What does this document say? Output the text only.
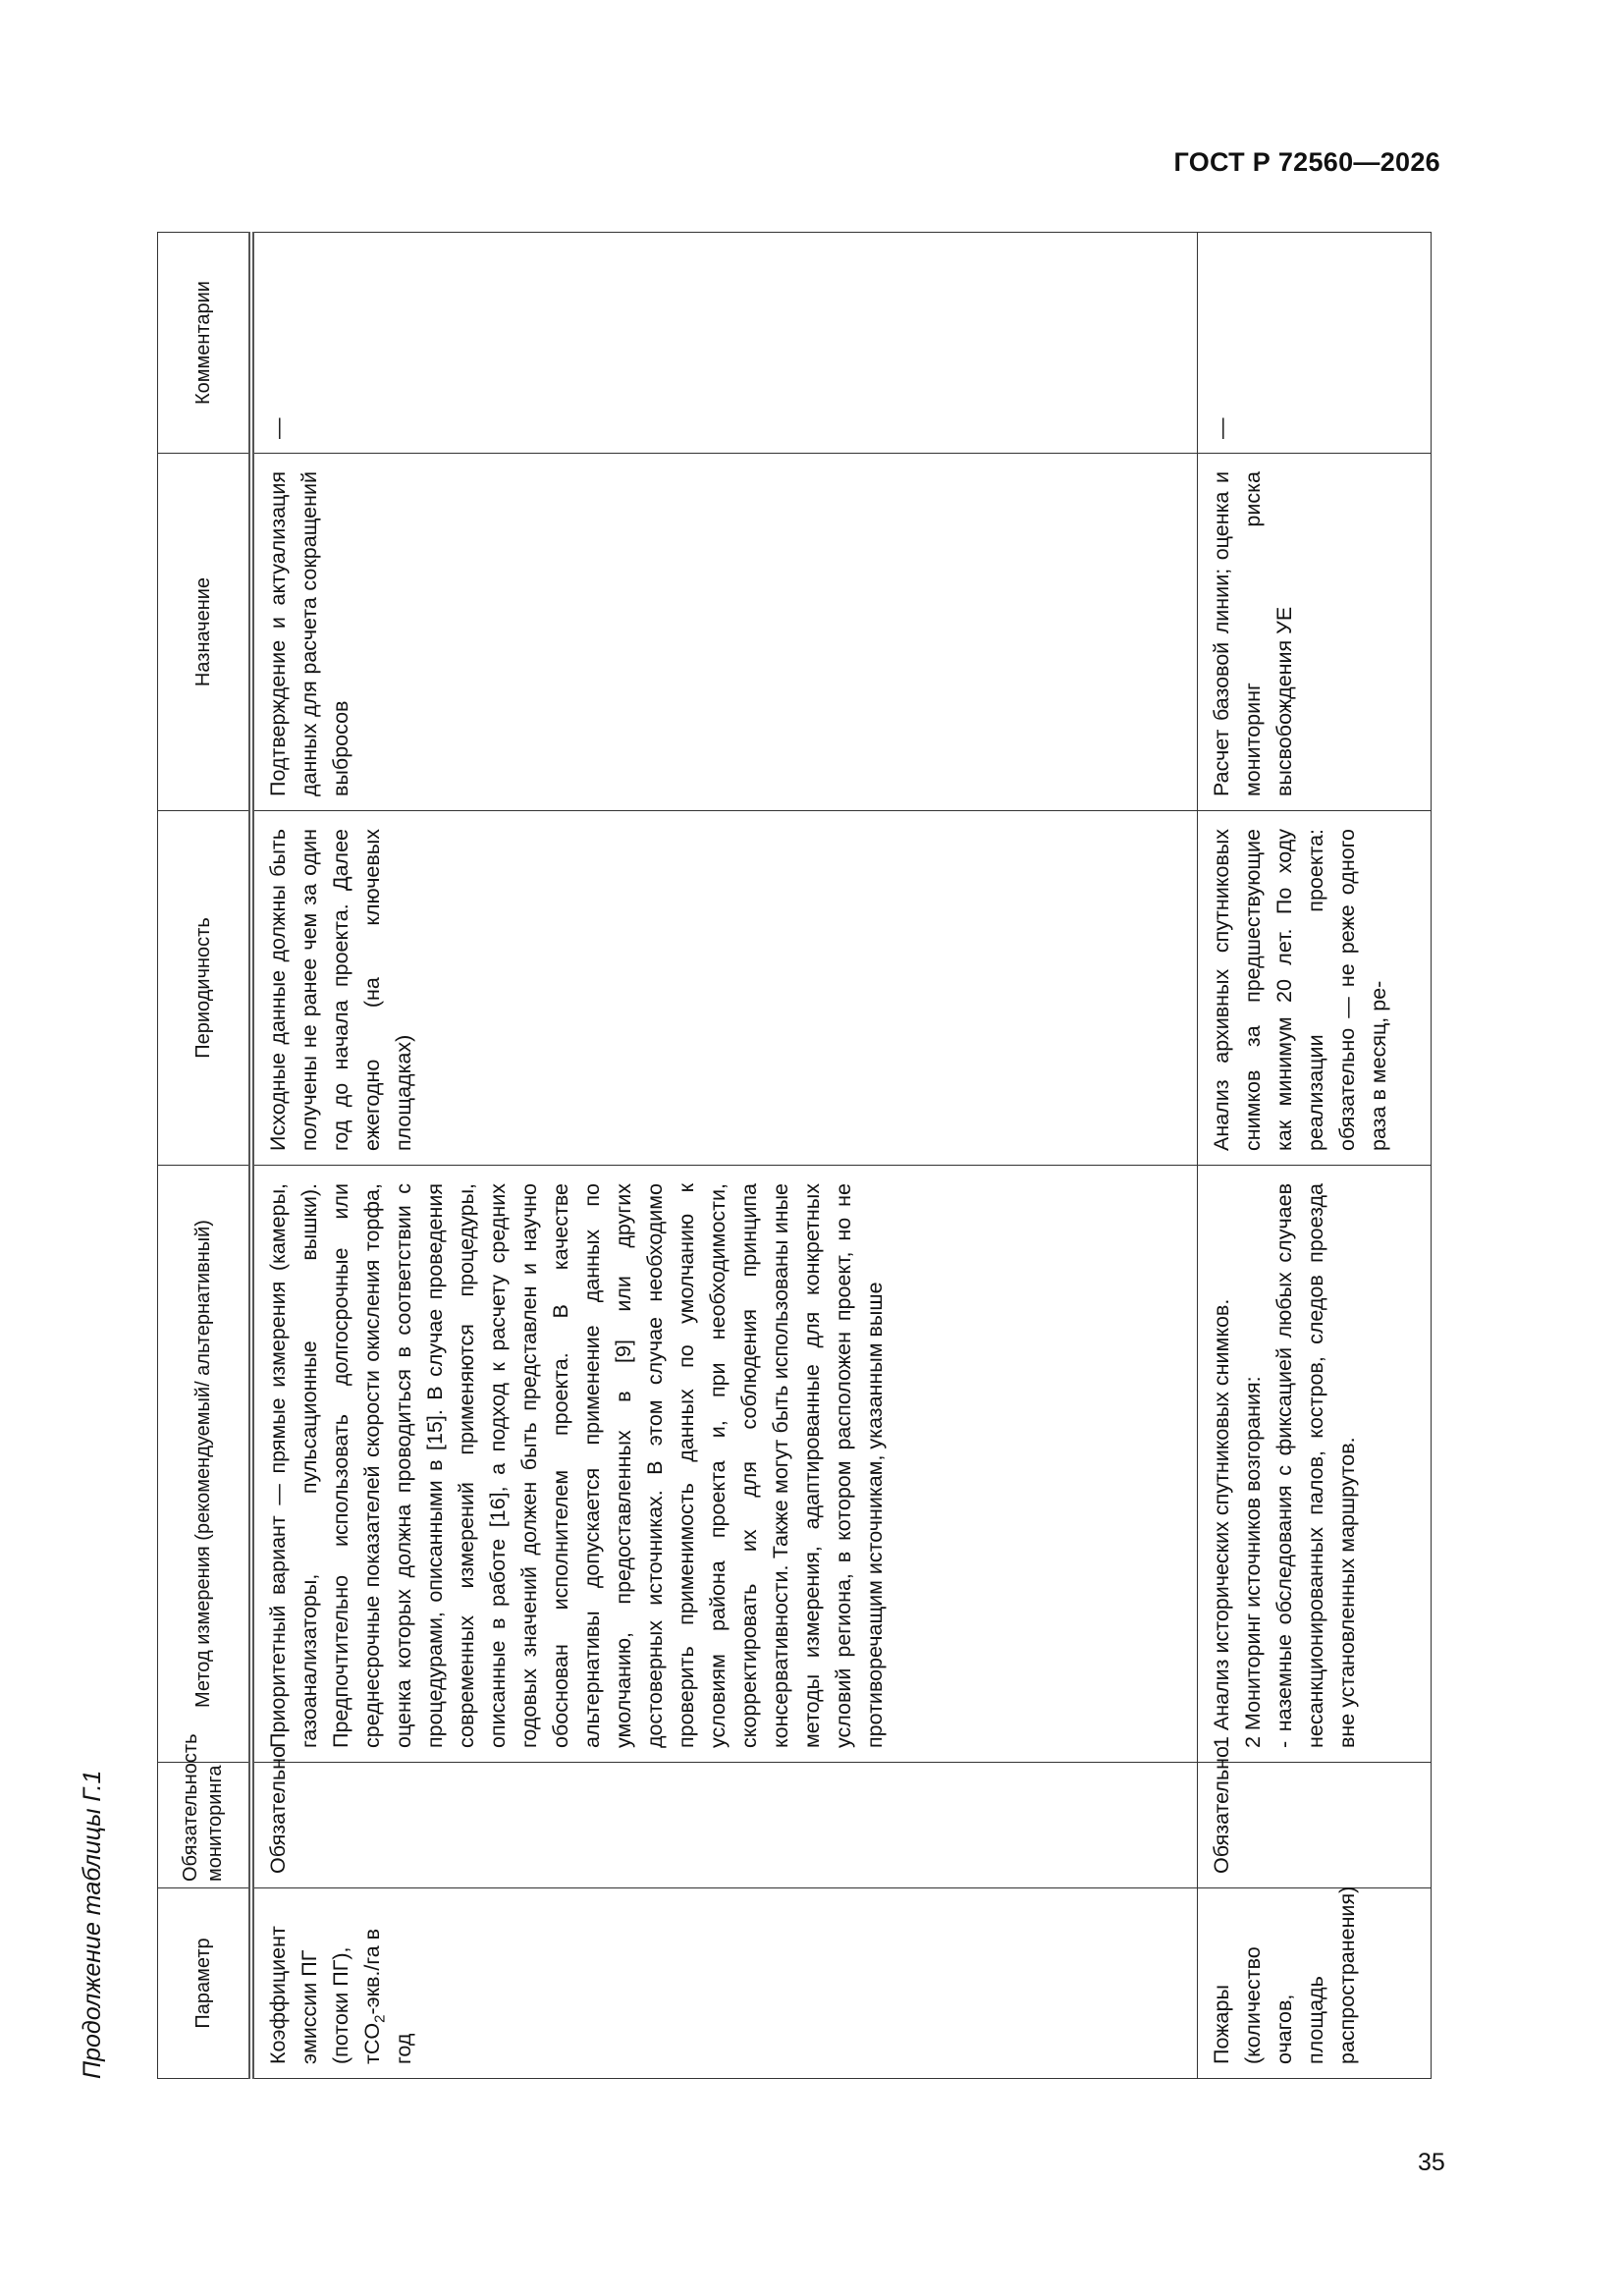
ГОСТ Р 72560—2026
Продолжение таблицы Г.1	Параметр	Обязательность мониторинга	Метод измерения (рекомендуемый/ альтернативный)	Периодичность	Назначение	Комментарии
Коэффициент эмиссии ПГ (потоки ПГ), тCO$_2$-экв./га в год	Обязательно	Приоритетный вариант — прямые измерения (камеры, газоанализаторы, пульсационные вышки). Предпочтительно использовать долгосрочные или среднесрочные показателей скорости окисления торфа, оценка которых должна проводиться в соответствии с процедурами, описанными в [15]. В случае проведения современных измерений применяются процедуры, описанные в работе [16], а подход к расчету средних годовых значений должен быть представлен и научно обоснован исполнителем проекта. В качестве альтернативы допускается применение данных по умолчанию, предоставленных в [9] или других достоверных источниках. В этом случае необходимо проверить применимость данных по умолчанию к условиям района проекта и, при необходимости, скорректировать их для соблюдения принципа консервативности. Также могут быть использованы иные методы измерения, адаптированные для конкретных условий региона, в котором расположен проект, но не противоречащим источникам, указанным выше	Исходные данные должны быть получены не ранее чем за один год до начала проекта. Далее ежегодно (на ключевых площадках)	Подтверждение и актуализация данных для расчета сокращений выбросов	—
Пожары (количество очагов, площадь распространения)	Обязательно	1 Анализ исторических спутниковых снимков.
2 Мониторинг источников возгорания:
- наземные обследования с фиксацией любых случаев несанкционированных палов, костров, следов проезда вне установленных маршрутов.	Анализ архивных спутниковых снимков за предшествующие как минимум 20 лет. По ходу реализации проекта: обязательно — не реже одного раза в месяц, ре-	Расчет базовой линии; оценка и мониторинг риска высвобождения УЕ	—
35
